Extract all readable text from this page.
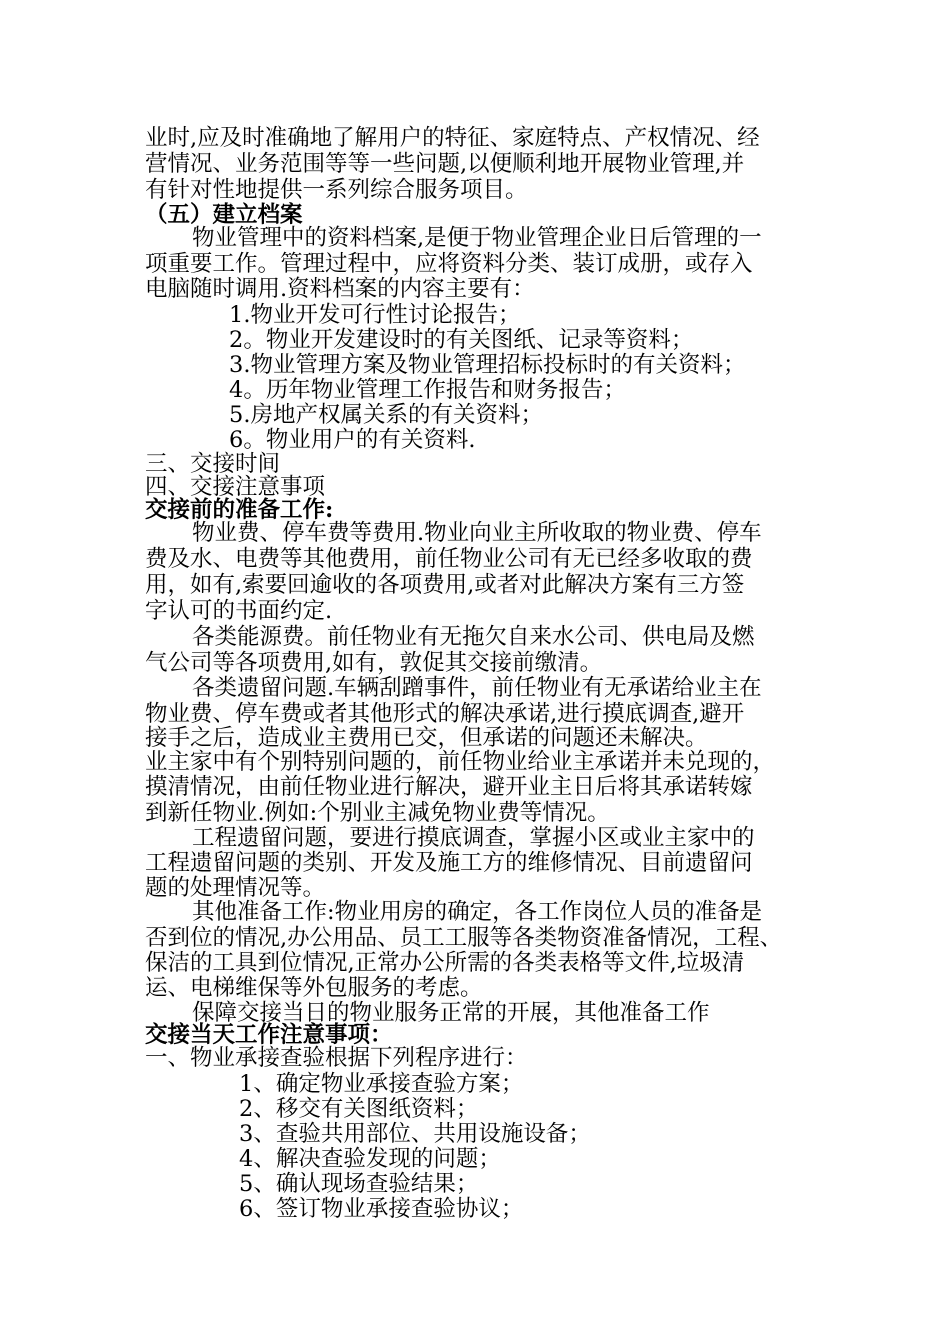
业时,应及时准确地了解用户的特征、家庭特点、产权情况、经
营情况、业务范围等等一些问题,以便顺利地开展物业管理,并
有针对性地提供一系列综合服务项目。
（五）建立档案
物业管理中的资料档案,是便于物业管理企业日后管理的一
项重要工作。管理过程中，应将资料分类、装订成册，或存入
电脑随时调用.资料档案的内容主要有：
1.物业开发可行性讨论报告；
2。物业开发建设时的有关图纸、记录等资料；
3.物业管理方案及物业管理招标投标时的有关资料；
4。历年物业管理工作报告和财务报告；
5.房地产权属关系的有关资料；
6。物业用户的有关资料.
三、交接时间
四、交接注意事项
交接前的准备工作:
物业费、停车费等费用.物业向业主所收取的物业费、停车
费及水、电费等其他费用，前任物业公司有无已经多收取的费
用，如有,索要回逾收的各项费用,或者对此解决方案有三方签
字认可的书面约定.
各类能源费。前任物业有无拖欠自来水公司、供电局及燃
气公司等各项费用,如有，敦促其交接前缴清。
各类遗留问题.车辆刮蹭事件，前任物业有无承诺给业主在
物业费、停车费或者其他形式的解决承诺,进行摸底调查,避开
接手之后，造成业主费用已交，但承诺的问题还未解决。
业主家中有个别特别问题的，前任物业给业主承诺并未兑现的，
摸清情况，由前任物业进行解决，避开业主日后将其承诺转嫁
到新任物业.例如:个别业主减免物业费等情况。
工程遗留问题，要进行摸底调查，掌握小区或业主家中的
工程遗留问题的类别、开发及施工方的维修情况、目前遗留问
题的处理情况等。
其他准备工作:物业用房的确定，各工作岗位人员的准备是
否到位的情况,办公用品、员工工服等各类物资准备情况，工程、
保洁的工具到位情况,正常办公所需的各类表格等文件,垃圾清
运、电梯维保等外包服务的考虑。
保障交接当日的物业服务正常的开展，其他准备工作
交接当天工作注意事项：
一、物业承接查验根据下列程序进行：
1、确定物业承接查验方案；
2、移交有关图纸资料；
3、查验共用部位、共用设施设备；
4、解决查验发现的问题；
5、确认现场查验结果；
6、签订物业承接查验协议；
